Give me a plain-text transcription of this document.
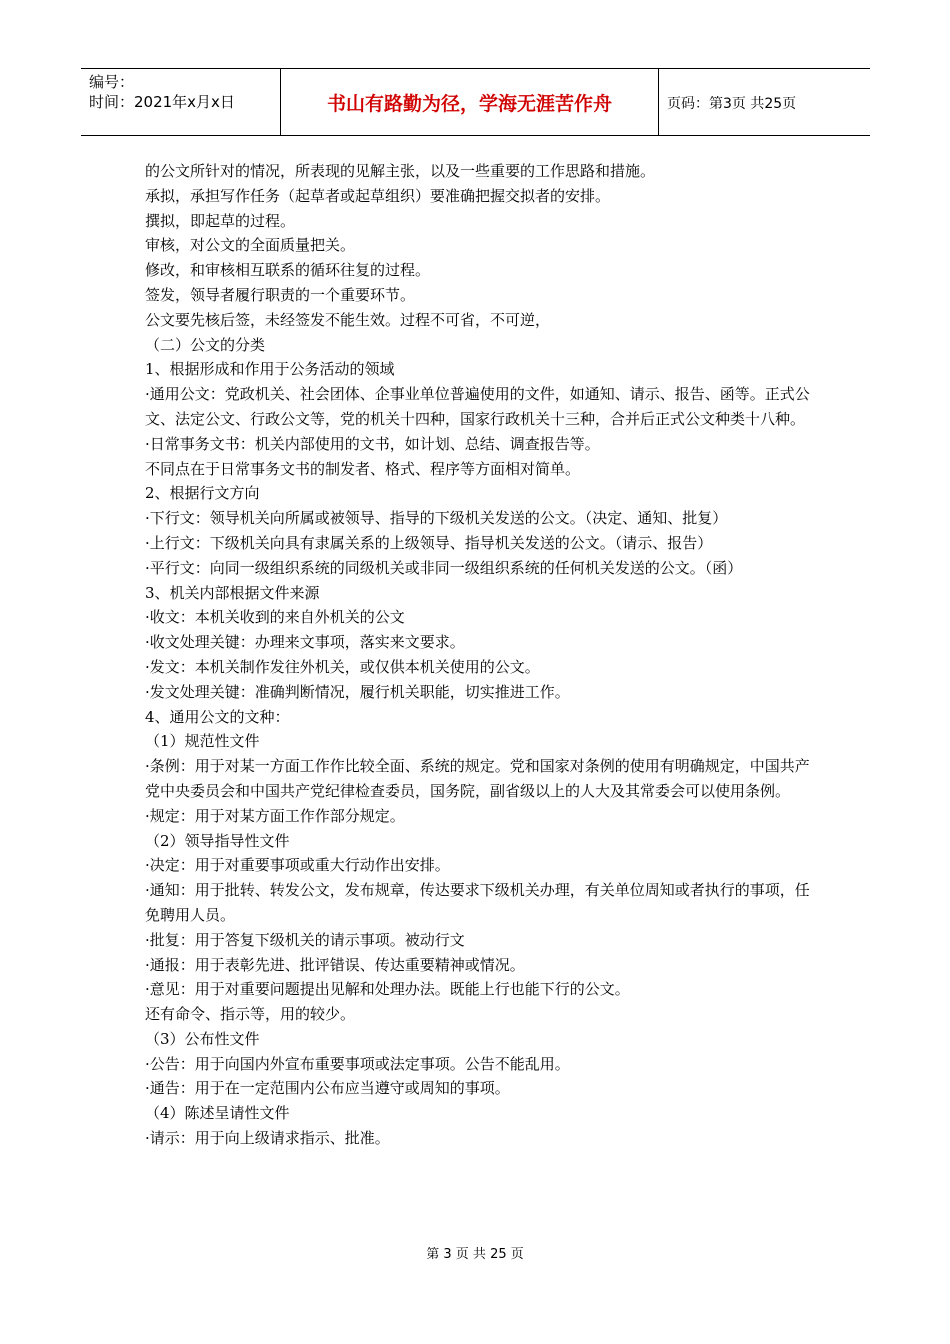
编号：
时间：2021年x月x日	书山有路勤为径，学海无涯苦作舟	页码：第3页 共25页

的公文所针对的情况，所表现的见解主张，以及一些重要的工作思路和措施。

承拟，承担写作任务（起草者或起草组织）要准确把握交拟者的安排。

撰拟，即起草的过程。

审核，对公文的全面质量把关。

修改，和审核相互联系的循环往复的过程。

签发，领导者履行职责的一个重要环节。

公文要先核后签，未经签发不能生效。过程不可省，不可逆，

（二）公文的分类

1、根据形成和作用于公务活动的领域

·通用公文：党政机关、社会团体、企事业单位普遍使用的文件，如通知、请示、报告、函等。正式公文、法定公文、行政公文等，党的机关十四种，国家行政机关十三种，合并后正式公文种类十八种。

·日常事务文书：机关内部使用的文书，如计划、总结、调查报告等。

不同点在于日常事务文书的制发者、格式、程序等方面相对简单。

2、根据行文方向

·下行文：领导机关向所属或被领导、指导的下级机关发送的公文。（决定、通知、批复）

·上行文：下级机关向具有隶属关系的上级领导、指导机关发送的公文。（请示、报告）

·平行文：向同一级组织系统的同级机关或非同一级组织系统的任何机关发送的公文。（函）

3、机关内部根据文件来源

·收文：本机关收到的来自外机关的公文

·收文处理关键：办理来文事项，落实来文要求。

·发文：本机关制作发往外机关，或仅供本机关使用的公文。

·发文处理关键：准确判断情况，履行机关职能，切实推进工作。

4、通用公文的文种：

（1）规范性文件

·条例：用于对某一方面工作作比较全面、系统的规定。党和国家对条例的使用有明确规定，中国共产党中央委员会和中国共产党纪律检查委员，国务院，副省级以上的人大及其常委会可以使用条例。

·规定：用于对某方面工作作部分规定。

（2）领导指导性文件

·决定：用于对重要事项或重大行动作出安排。

·通知：用于批转、转发公文，发布规章，传达要求下级机关办理，有关单位周知或者执行的事项，任免聘用人员。

·批复：用于答复下级机关的请示事项。被动行文

·通报：用于表彰先进、批评错误、传达重要精神或情况。

·意见：用于对重要问题提出见解和处理办法。既能上行也能下行的公文。

还有命令、指示等，用的较少。

（3）公布性文件

·公告：用于向国内外宣布重要事项或法定事项。公告不能乱用。

·通告：用于在一定范围内公布应当遵守或周知的事项。

（4）陈述呈请性文件

·请示：用于向上级请求指示、批准。

第 3 页 共 25 页
